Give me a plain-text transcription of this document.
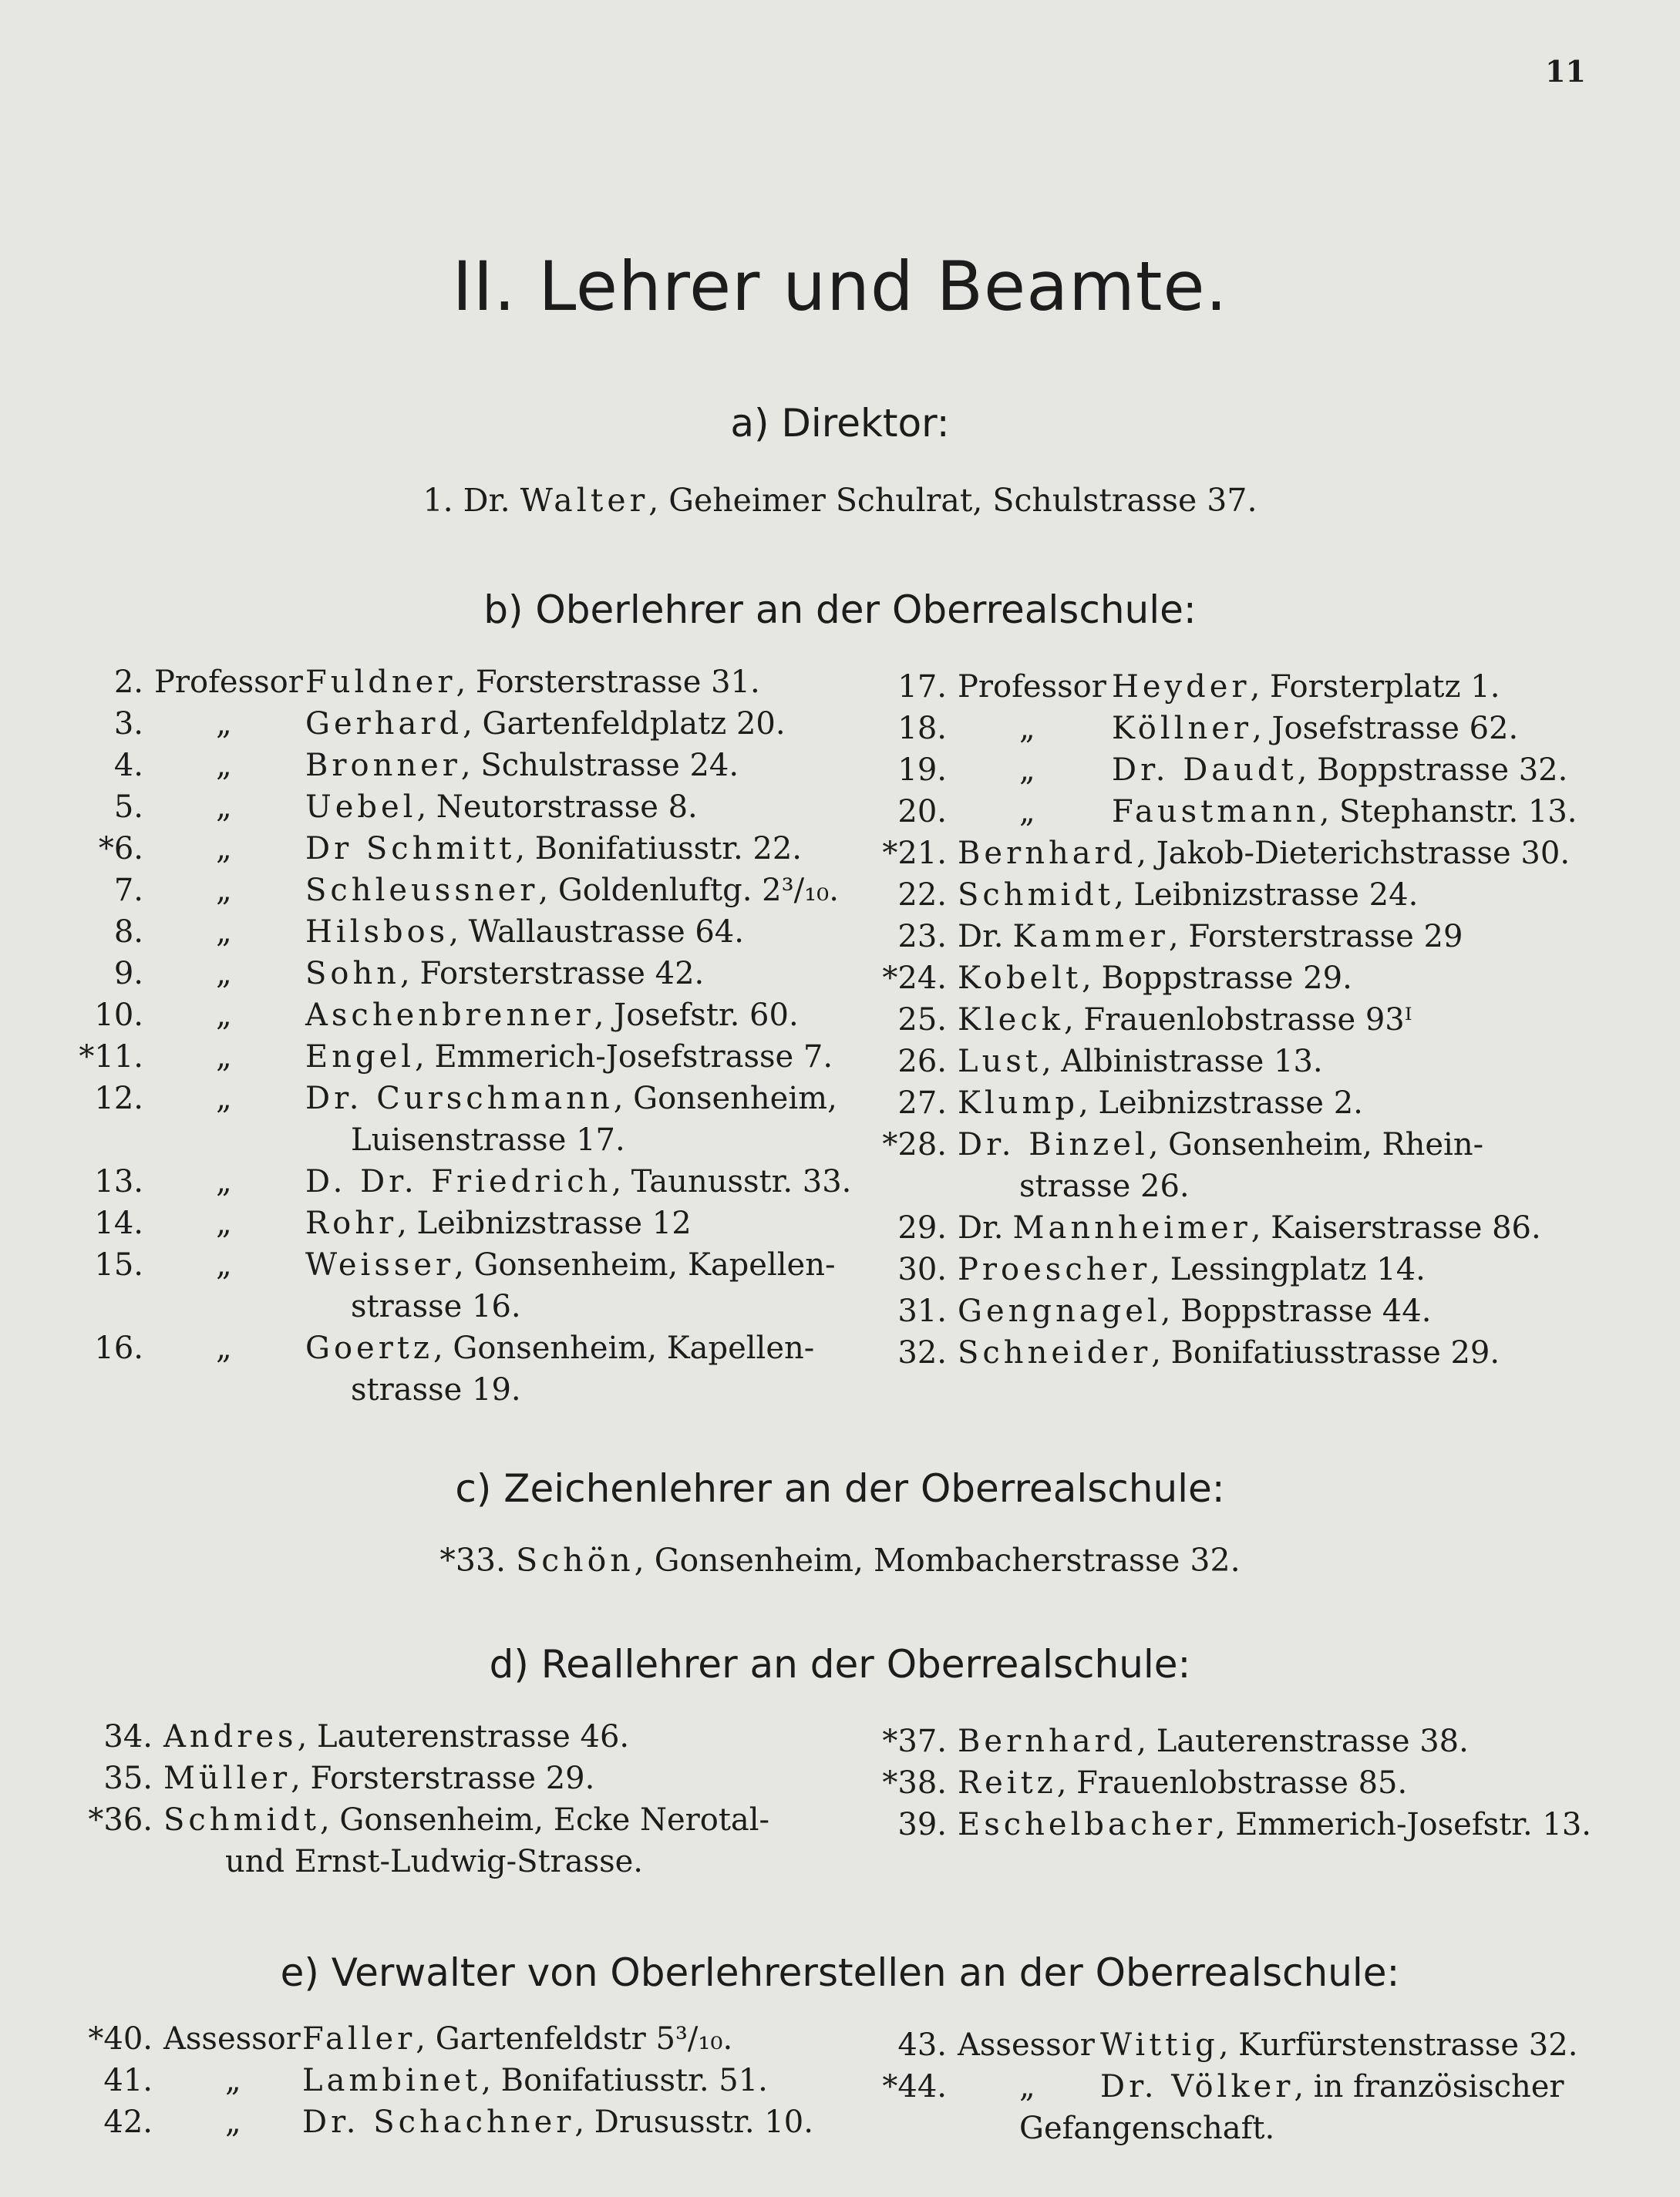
11
II. Lehrer und Beamte.
a) Direktor:
1. Dr. Walter, Geheimer Schulrat, Schulstrasse 37.
b) Oberlehrer an der Oberrealschule:
2. ProfessorFuldner, Forsterstrasse 31.
3. „ Gerhard, Gartenfeldplatz 20.
4. „ Bronner, Schulstrasse 24.
5. „ Uebel, Neutorstrasse 8.
*6. „ Dr Schmitt, Bonifatiusstr. 22.
7. „ Schleussner, Goldenluftg. 2³/₁₀.
8. „ Hilsbos, Wallaustrasse 64.
9. „ Sohn, Forsterstrasse 42.
10. „ Aschenbrenner, Josefstr. 60.
*11. „ Engel, Emmerich-Josefstrasse 7.
12. „ Dr. Curschmann, Gonsenheim,
Luisenstrasse 17.
13. „ D. Dr. Friedrich, Taunusstr. 33.
14. „ Rohr, Leibnizstrasse 12
15. „ Weisser, Gonsenheim, Kapellen-
strasse 16.
16. „ Goertz, Gonsenheim, Kapellen-
strasse 19.
17. Professor Heyder, Forsterplatz 1.
18. „ Köllner, Josefstrasse 62.
19. „ Dr. Daudt, Boppstrasse 32.
20. „ Faustmann, Stephanstr. 13.
*21. Bernhard, Jakob-Dieterichstrasse 30.
22. Schmidt, Leibnizstrasse 24.
23. Dr. Kammer, Forsterstrasse 29
*24. Kobelt, Boppstrasse 29.
25. Kleck, Frauenlobstrasse 93ᴵ
26. Lust, Albinistrasse 13.
27. Klump, Leibnizstrasse 2.
*28. Dr. Binzel, Gonsenheim, Rhein-
strasse 26.
29. Dr. Mannheimer, Kaiserstrasse 86.
30. Proescher, Lessingplatz 14.
31. Gengnagel, Boppstrasse 44.
32. Schneider, Bonifatiusstrasse 29.
c) Zeichenlehrer an der Oberrealschule:
*33. Schön, Gonsenheim, Mombacherstrasse 32.
d) Reallehrer an der Oberrealschule:
34. Andres, Lauterenstrasse 46.
35. Müller, Forsterstrasse 29.
*36. Schmidt, Gonsenheim, Ecke Nerotal-
und Ernst-Ludwig-Strasse.
*37. Bernhard, Lauterenstrasse 38.
*38. Reitz, Frauenlobstrasse 85.
39. Eschelbacher, Emmerich-Josefstr. 13.
e) Verwalter von Oberlehrerstellen an der Oberrealschule:
*40. AssessorFaller, Gartenfeldstr 5³/₁₀.
41. „ Lambinet, Bonifatiusstr. 51.
42. „ Dr. Schachner, Drususstr. 10.
43. Assessor Wittig, Kurfürstenstrasse 32.
*44. „ Dr. Völker, in französischer
Gefangenschaft.
